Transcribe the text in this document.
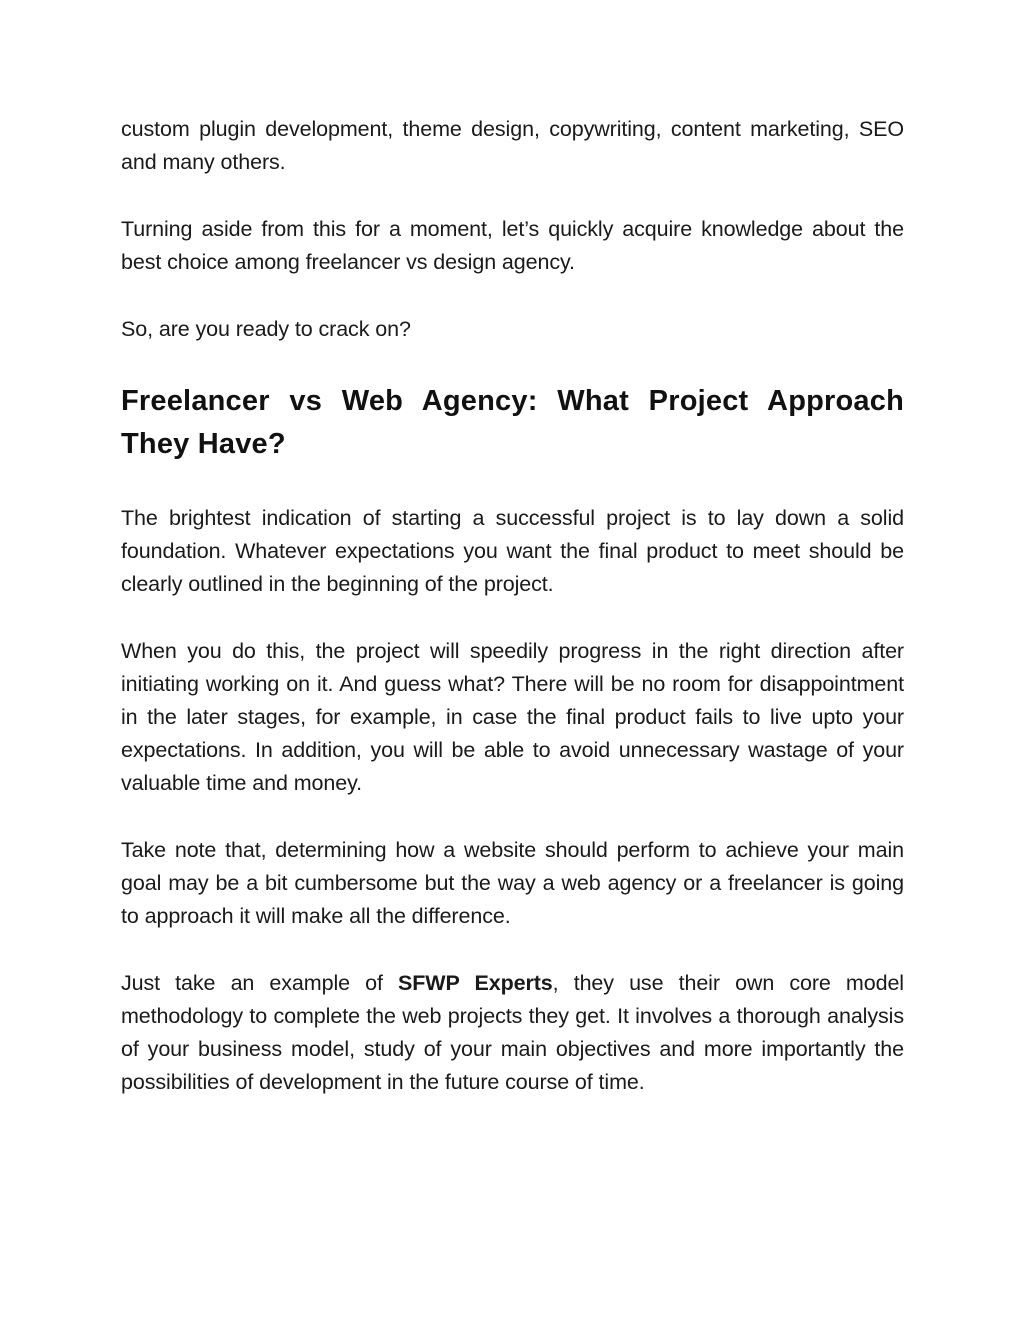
custom plugin development, theme design, copywriting, content marketing, SEO and many others.

Turning aside from this for a moment, let’s quickly acquire knowledge about the best choice among freelancer vs design agency.

So, are you ready to crack on?

Freelancer vs Web Agency: What Project Approach They Have?

The brightest indication of starting a successful project is to lay down a solid foundation. Whatever expectations you want the final product to meet should be clearly outlined in the beginning of the project.

When you do this, the project will speedily progress in the right direction after initiating working on it. And guess what? There will be no room for disappointment in the later stages, for example, in case the final product fails to live upto your expectations. In addition, you will be able to avoid unnecessary wastage of your valuable time and money.

Take note that, determining how a website should perform to achieve your main goal may be a bit cumbersome but the way a web agency or a freelancer is going to approach it will make all the difference.

Just take an example of SFWP Experts, they use their own core model methodology to complete the web projects they get. It involves a thorough analysis of your business model, study of your main objectives and more importantly the possibilities of development in the future course of time.
